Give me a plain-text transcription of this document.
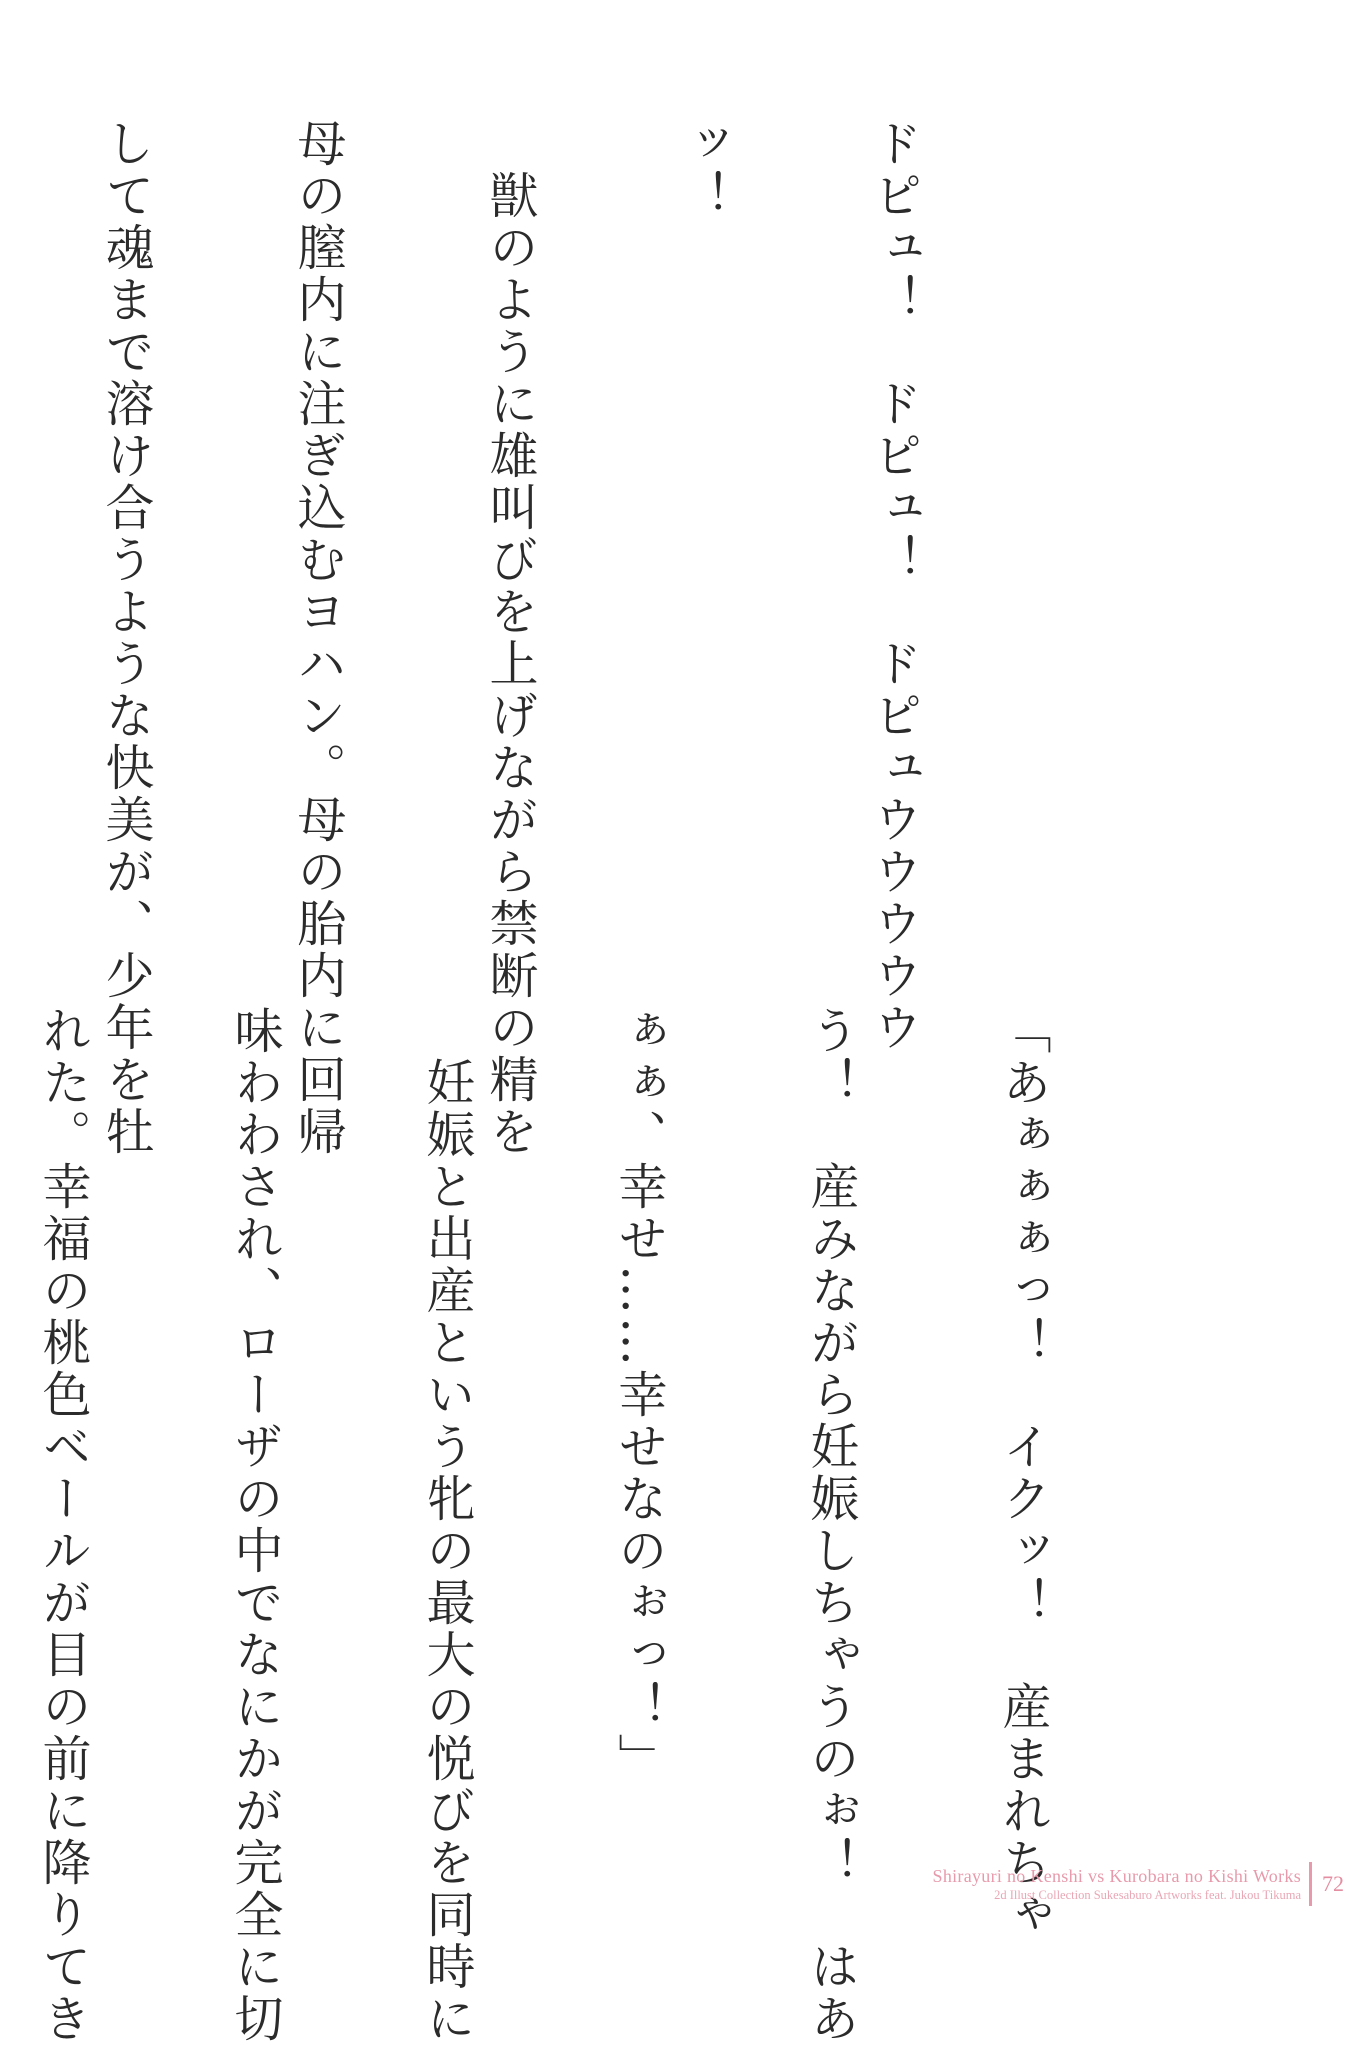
ドピュ！　ドピュ！　ドピュウウウウウ

ッ！

　獣のように雄叫びを上げながら禁断の精を

母の膣内に注ぎ込むヨハン。母の胎内に回帰

して魂まで溶け合うような快美が、少年を牡

「あぁぁぁっ！　イクッ！　産まれちゃ

う！　産みながら妊娠しちゃうのぉ！　はあ

ぁぁ、幸せ……幸せなのぉっ！」

　妊娠と出産という牝の最大の悦びを同時に

味わわされ、ローザの中でなにかが完全に切

れた。幸福の桃色ベールが目の前に降りてき

	Shirayuri no Kenshi vs Kurobara no Kishi Works
2d Illust Collection Sukesaburo Artworks feat. Jukou Tikuma 72
